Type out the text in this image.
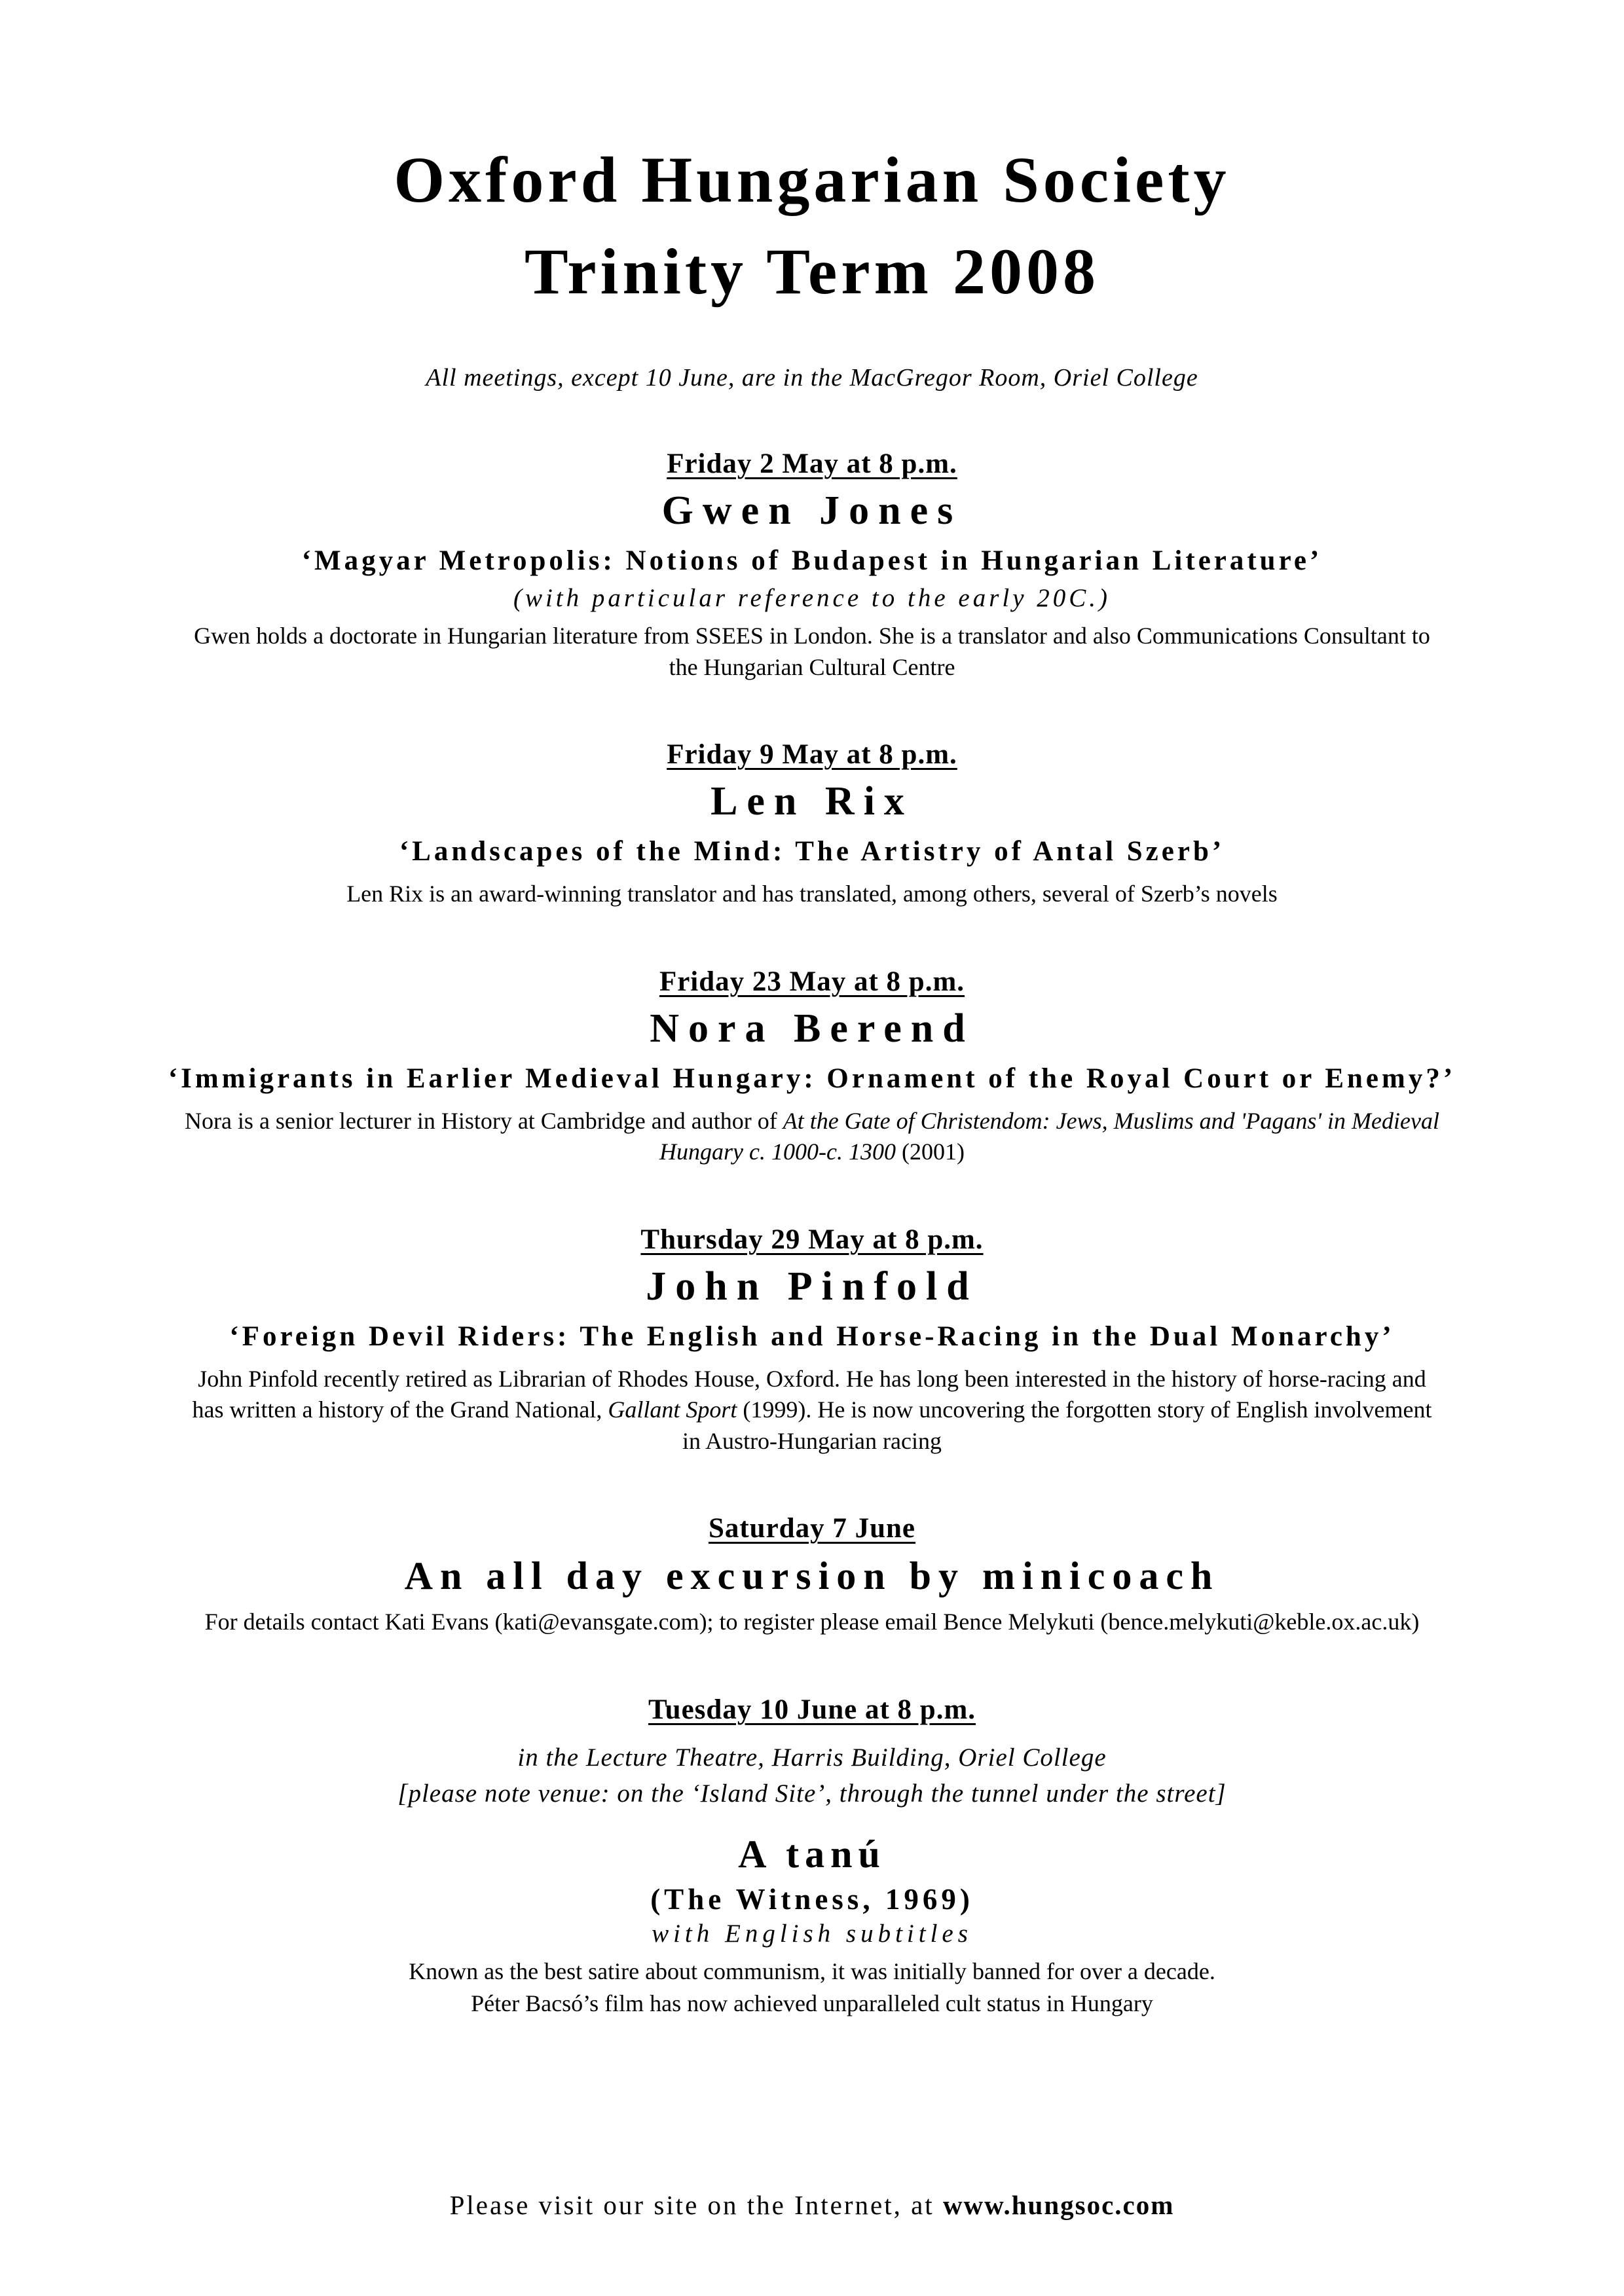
Oxford Hungarian Society
Trinity Term 2008
All meetings, except 10 June, are in the MacGregor Room, Oriel College
Friday 2 May at 8 p.m.
Gwen Jones
‘Magyar Metropolis: Notions of Budapest in Hungarian Literature’
(with particular reference to the early 20C.)

Gwen holds a doctorate in Hungarian literature from SSEES in London. She is a translator and also Communications Consultant to the Hungarian Cultural Centre

Friday 9 May at 8 p.m.
Len Rix
‘Landscapes of the Mind: The Artistry of Antal Szerb’

Len Rix is an award-winning translator and has translated, among others, several of Szerb’s novels

Friday 23 May at 8 p.m.
Nora Berend
‘Immigrants in Earlier Medieval Hungary: Ornament of the Royal Court or Enemy?’

Nora is a senior lecturer in History at Cambridge and author of At the Gate of Christendom: Jews, Muslims and 'Pagans' in Medieval Hungary c. 1000-c. 1300 (2001)

Thursday 29 May at 8 p.m.
John Pinfold
‘Foreign Devil Riders: The English and Horse-Racing in the Dual Monarchy’

John Pinfold recently retired as Librarian of Rhodes House, Oxford. He has long been interested in the history of horse-racing and has written a history of the Grand National, Gallant Sport (1999). He is now uncovering the forgotten story of English involvement in Austro-Hungarian racing

Saturday 7 June
An all day excursion by minicoach

For details contact Kati Evans (kati@evansgate.com); to register please email Bence Melykuti (bence.melykuti@keble.ox.ac.uk)

Tuesday 10 June at 8 p.m.
in the Lecture Theatre, Harris Building, Oriel College
[please note venue: on the ‘Island Site’, through the tunnel under the street]
A tanú
(The Witness, 1969)
with English subtitles

Known as the best satire about communism, it was initially banned for over a decade.

Péter Bacsó’s film has now achieved unparalleled cult status in Hungary

Please visit our site on the Internet, at www.hungsoc.com
